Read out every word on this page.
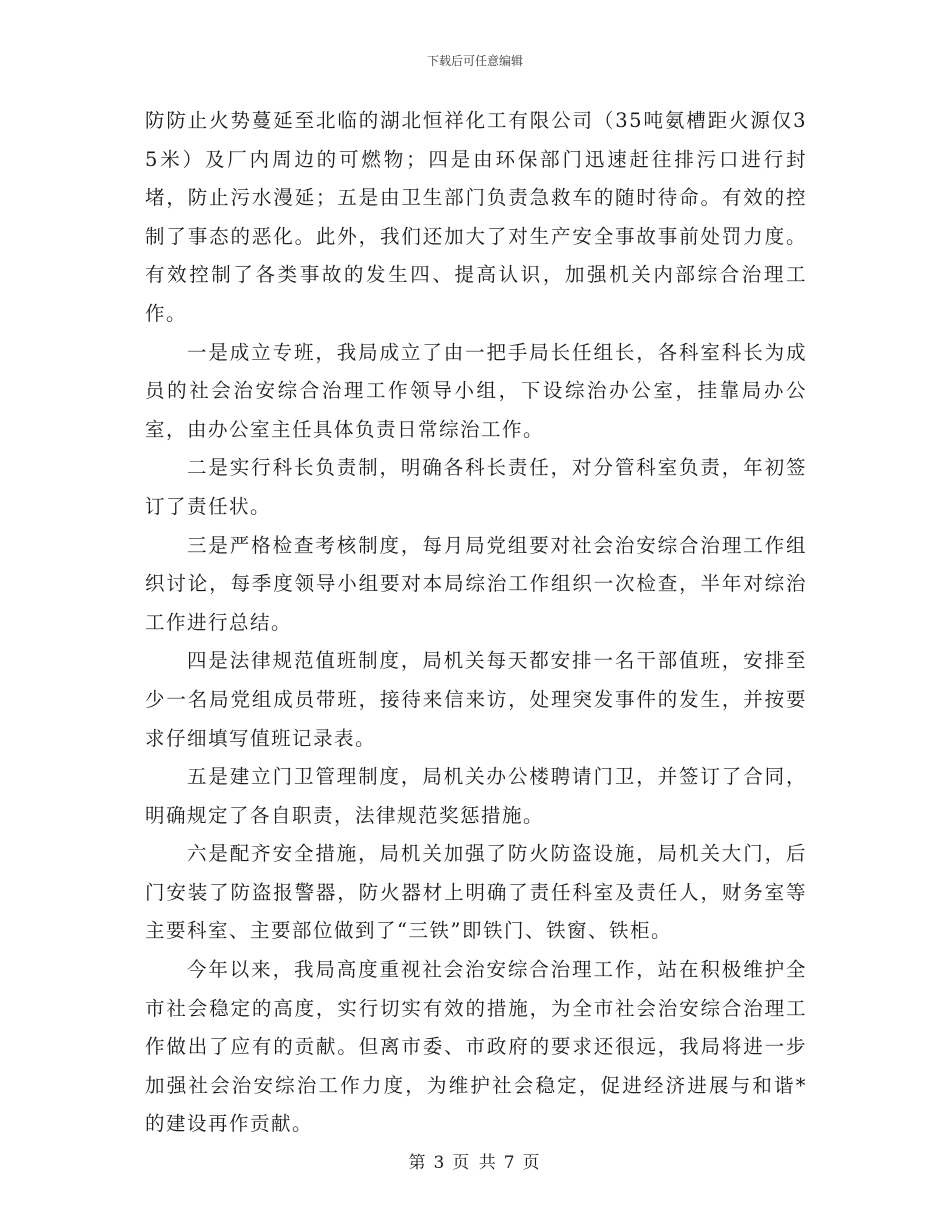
下载后可任意编辑

防防止火势蔓延至北临的湖北恒祥化工有限公司（35吨氨槽距火源仅35米）及厂内周边的可燃物；四是由环保部门迅速赶往排污口进行封堵，防止污水漫延；五是由卫生部门负责急救车的随时待命。有效的控制了事态的恶化。此外，我们还加大了对生产安全事故事前处罚力度。有效控制了各类事故的发生四、提高认识，加强机关内部综合治理工作。

一是成立专班，我局成立了由一把手局长任组长，各科室科长为成员的社会治安综合治理工作领导小组，下设综治办公室，挂靠局办公室，由办公室主任具体负责日常综治工作。

二是实行科长负责制，明确各科长责任，对分管科室负责，年初签订了责任状。

三是严格检查考核制度，每月局党组要对社会治安综合治理工作组织讨论，每季度领导小组要对本局综治工作组织一次检查，半年对综治工作进行总结。

四是法律规范值班制度，局机关每天都安排一名干部值班，安排至少一名局党组成员带班，接待来信来访，处理突发事件的发生，并按要求仔细填写值班记录表。

五是建立门卫管理制度，局机关办公楼聘请门卫，并签订了合同，明确规定了各自职责，法律规范奖惩措施。

六是配齐安全措施，局机关加强了防火防盗设施，局机关大门，后门安装了防盗报警器，防火器材上明确了责任科室及责任人，财务室等主要科室、主要部位做到了“三铁”即铁门、铁窗、铁柜。

今年以来，我局高度重视社会治安综合治理工作，站在积极维护全市社会稳定的高度，实行切实有效的措施，为全市社会治安综合治理工作做出了应有的贡献。但离市委、市政府的要求还很远，我局将进一步加强社会治安综治工作力度，为维护社会稳定，促进经济进展与和谐*的建设再作贡献。

第 3 页 共 7 页
